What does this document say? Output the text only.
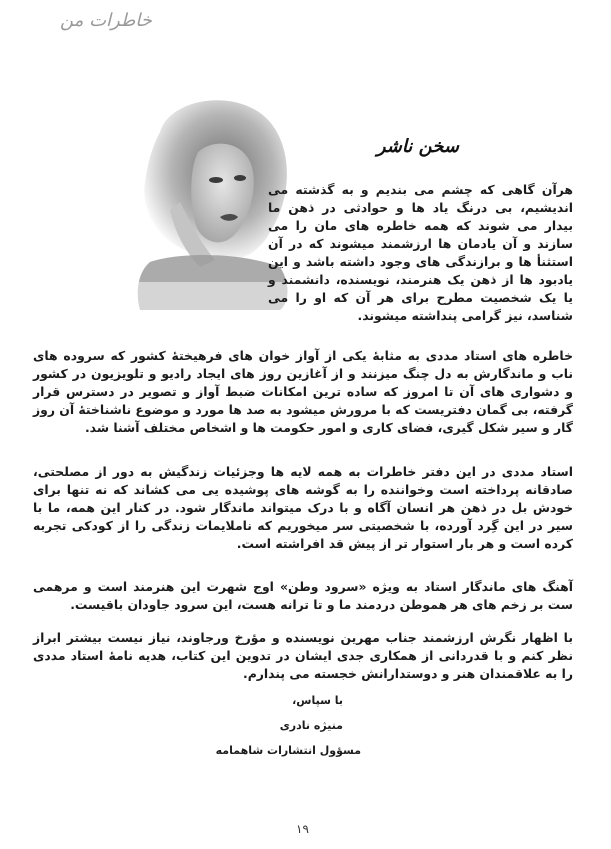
خاطرات من
سخن ناشر

هرآن گاهی که چشم می بندیم و به گذشته می اندیشیم، بی درنگ یاد ها و حوادثی در ذهن ما بیدار می شوند که همه خاطره های مان را می سازند و آن یادمان ها ارزشمند میشوند که در آن استثنأ ها و برازندگی های وجود داشته باشد و این یادبود ها از ذهن یک هنرمند، نویسنده، دانشمند و یا یک شخصیت مطرح برای هر آن که او را می شناسد، نیز گرامی پنداشته میشوند.

خاطره های استاد مددی به مثابهٔ یکی از آواز خوان های فرهیختهٔ کشور که سروده های ناب و ماندگارش به دل چنگ میزنند و از آغازین روز های ایجاد رادیو و تلویزیون در کشور و دشواری های آن تا امروز که ساده ترین امکانات ضبط آواز و تصویر در دسترس قرار گرفته، بی گمان دفتریست که با مرورش میشود به صد ها مورد و موضوع ناشناختهٔ آن روز گار و سیر شکل گیری، فضای کاری و امور حکومت ها و اشخاص مختلف آشنا شد.

استاد مددی در این دفتر خاطرات به همه لایه ها وجزئیات زندگیش به دور از مصلحتی، صادقانه پرداخته است وخواننده را به گوشه های پوشیده یی می کشاند که نه تنها برای خودش بل در ذهن هر انسان آگاه و با درک میتواند ماندگار شود. در کنار این همه، ما با سیر در این گِرد آورده، با شخصیتی سر میخوریم که ناملایمات زندگی را از کودکی تجربه کرده است و هر بار استوار تر از پیش قد افراشته است.

آهنگ های ماندگار استاد به ویژه «سرود وطن» اوج شهرت این هنرمند است و مرهمی ست بر زخم های هر هموطن دردمند ما و تا ترانه هست، این سرود جاودان باقیست.

با اظهار نگرش ارزشمند جناب مهرین نویسنده و مؤرخ ورجاوند، نیاز نیست بیشتر ابراز نظر کنم و با قدردانی از همکاری جدی ایشان در تدوین این کتاب، هدیه نامهٔ استاد مددی را به علاقمندان هنر و دوستدارانش خجسته می پندارم.

با سپاس،
منیژه نادری
مسؤول انتشارات شاهمامه
۱۹
